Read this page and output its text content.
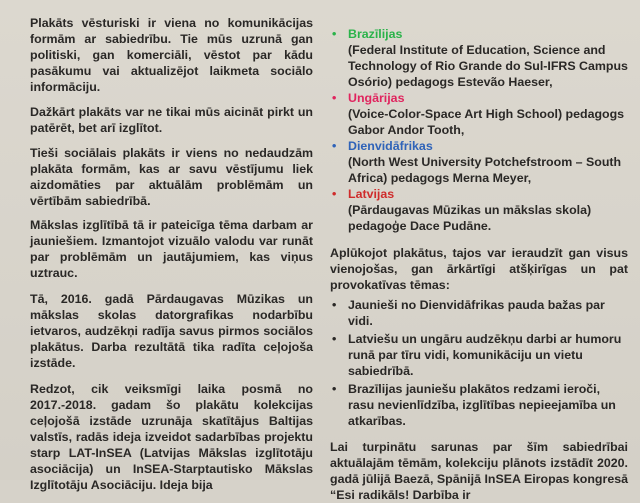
Plakāts vēsturiski ir viena no komunikācijas formām ar sabiedrību. Tie mūs uzrunā gan politiski, gan komerciāli, vēstot par kādu pasākumu vai aktualizējot laikmeta sociālo informāciju.

Dažkārt plakāts var ne tikai mūs aicināt pirkt un patērēt, bet arī izglītot.

Tieši sociālais plakāts ir viens no nedaudzām plakāta formām, kas ar savu vēstījumu liek aizdomāties par aktuālām problēmām un vērtībām sabiedrībā.

Mākslas izglītībā tā ir pateicīga tēma darbam ar jauniešiem. Izmantojot vizuālo valodu var runāt par problēmām un jautājumiem, kas viņus uztrauc.

Tā, 2016. gadā Pārdaugavas Mūzikas un mākslas skolas datorgrafikas nodarbību ietvaros, audzēkņi radīja savus pirmos sociālos plakātus. Darba rezultātā tika radīta ceļojoša izstāde.

Redzot, cik veiksmīgi laika posmā no 2017.-2018. gadam šo plakātu kolekcijas ceļojošā izstāde uzrunāja skatītājus Baltijas valstīs, radās ideja izveidot sadarbības projektu starp LAT-InSEA (Latvijas Mākslas izglītotāju asociācija) un InSEA-Starptautisko Mākslas Izglītotāju Asociāciju. Ideja bija

• Brazīlijas
(Federal Institute of Education, Science and Technology of Rio Grande do Sul-IFRS Campus Osório) pedagogs Estevão Haeser,
• Ungārijas
(Voice-Color-Space Art High School) pedagogs Gabor Andor Tooth,
• Dienvidāfrikas
(North West University Potchefstroom – South Africa) pedagogs Merna Meyer,
• Latvijas
(Pārdaugavas Mūzikas un mākslas skola) pedagoģe Dace Pudāne.

Aplūkojot plakātus, tajos var ieraudzīt gan visus vienojošas, gan ārkārtīgi atšķirīgas un pat provokatīvas tēmas:

• Jaunieši no Dienvidāfrikas pauda bažas par vidi.
• Latviešu un ungāru audzēkņu darbi ar humoru runā par tīru vidi, komunikāciju un vietu sabiedrībā.
• Brazīlijas jauniešu plakātos redzami ieroči, rasu nevienlīdzība, izglītības nepieejamība un atkarības.

Lai turpinātu sarunas par šīm sabiedrībai aktuālajām tēmām, kolekciju plānots izstādīt 2020. gadā jūlijā Baezā, Spānijā InSEA Eiropas kongresā “Esi radikāls! Darbība ir
